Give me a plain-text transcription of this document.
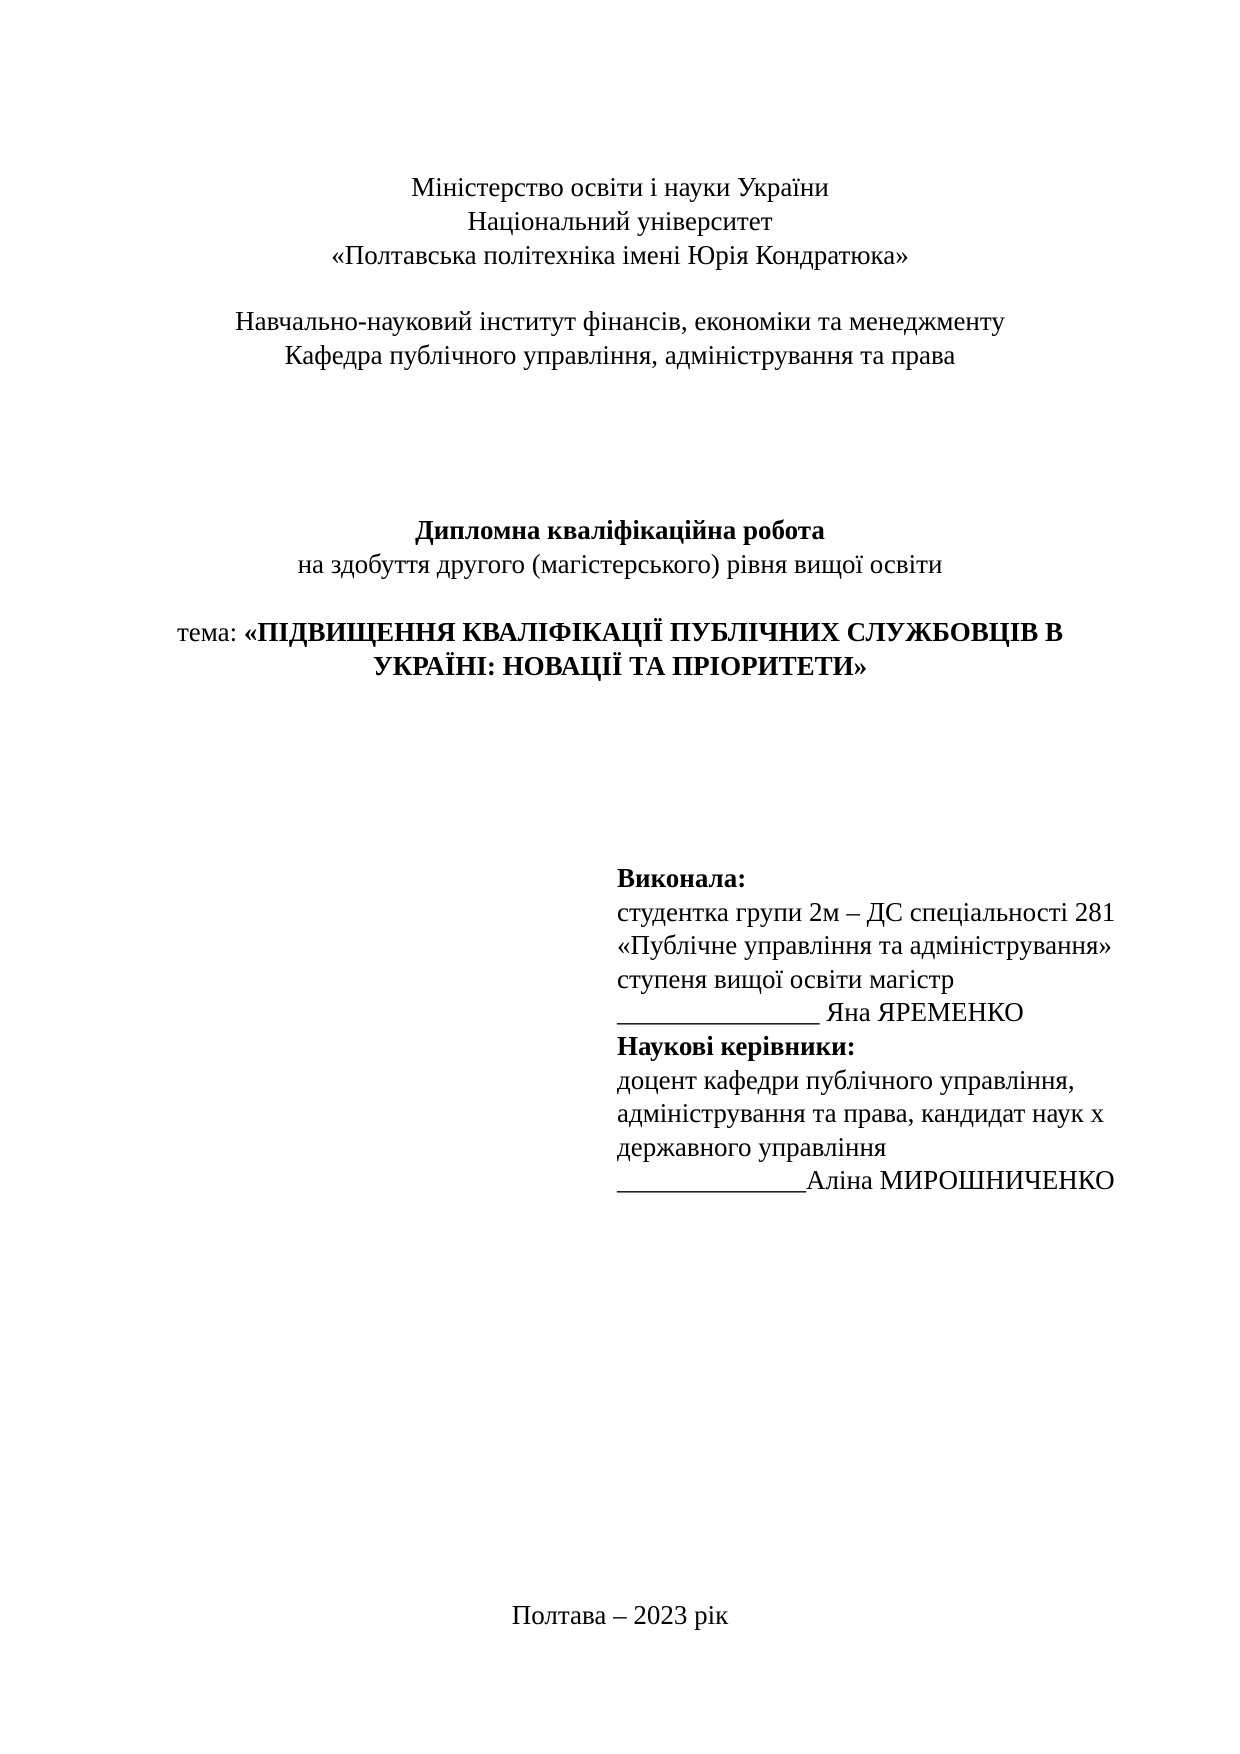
Міністерство освіти і науки України
Національний університет
«Полтавська політехніка імені Юрія Кондратюка»
Навчально-науковий інститут фінансів, економіки та менеджменту
Кафедра публічного управління, адміністрування та права
Дипломна кваліфікаційна робота
на здобуття другого (магістерського) рівня вищої освіти
тема: «ПІДВИЩЕННЯ КВАЛІФІКАЦІЇ ПУБЛІЧНИХ СЛУЖБОВЦІВ В
УКРАЇНІ: НОВАЦІЇ ТА ПРІОРИТЕТИ»
Виконала:
студентка групи 2м – ДС спеціальності 281
«Публічне управління та адміністрування»
ступеня вищої освіти магістр
_______________ Яна ЯРЕМЕНКО
Наукові керівники:
доцент кафедри публічного управління,
адміністрування та права, кандидат наук х
державного управління
______________Аліна МИРОШНИЧЕНКО
Полтава – 2023 рік
